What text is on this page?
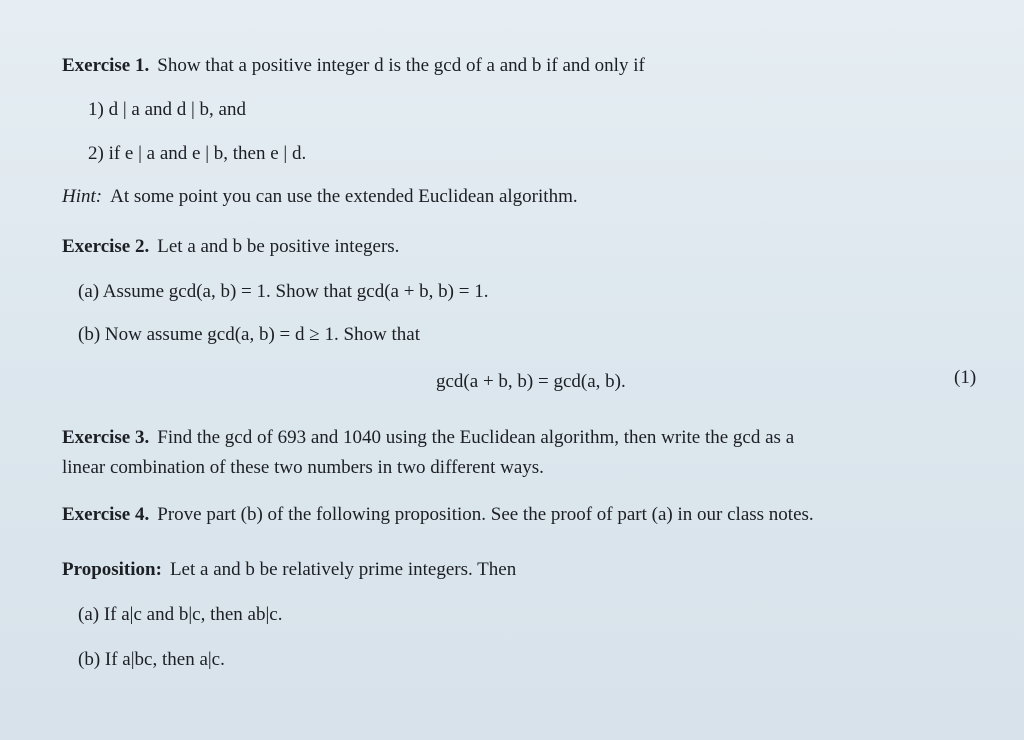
Exercise 1. Show that a positive integer d is the gcd of a and b if and only if
1) d | a and d | b, and
2) if e | a and e | b, then e | d.
Hint: At some point you can use the extended Euclidean algorithm.
Exercise 2. Let a and b be positive integers.
(a) Assume gcd(a, b) = 1. Show that gcd(a + b, b) = 1.
(b) Now assume gcd(a, b) = d ≥ 1. Show that
gcd(a + b, b) = gcd(a, b).	(1)
Exercise 3. Find the gcd of 693 and 1040 using the Euclidean algorithm, then write the gcd as a
linear combination of these two numbers in two different ways.
Exercise 4. Prove part (b) of the following proposition. See the proof of part (a) in our class notes.
Proposition: Let a and b be relatively prime integers. Then
(a) If a|c and b|c, then ab|c.
(b) If a|bc, then a|c.
